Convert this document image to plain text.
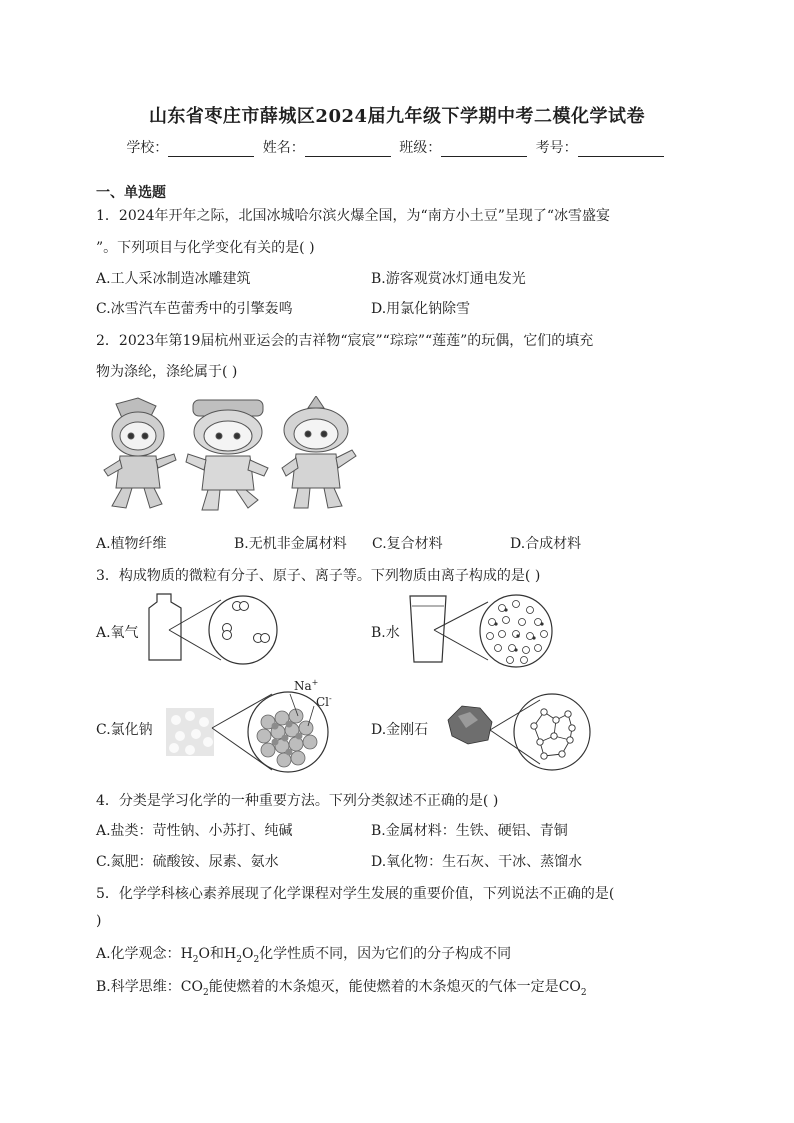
山东省枣庄市薛城区2024届九年级下学期中考二模化学试卷
学校：	姓名：	班级：	考号：
一、单选题
1．2024年开年之际，北国冰城哈尔滨火爆全国，为“南方小土豆”呈现了“冰雪盛宴
”。下列项目与化学变化有关的是( )
A.工人采冰制造冰雕建筑	B.游客观赏冰灯通电发光
C.冰雪汽车芭蕾秀中的引擎轰鸣	D.用氯化钠除雪
2．2023年第19届杭州亚运会的吉祥物“宸宸”“琮琮”“莲莲”的玩偶，它们的填充
物为涤纶，涤纶属于( )
A.植物纤维	B.无机非金属材料 C.复合材料	D.合成材料
3．构成物质的微粒有分子、原子、离子等。下列物质由离子构成的是( )
A.氧气	B.水
C.氯化钠
Na+
Cl-
D.金刚石
4．分类是学习化学的一种重要方法。下列分类叙述不正确的是( )
A.盐类：苛性钠、小苏打、纯碱	B.金属材料：生铁、硬铝、青铜
C.氮肥：硫酸铵、尿素、氨水	D.氧化物：生石灰、干冰、蒸馏水
5．化学学科核心素养展现了化学课程对学生发展的重要价值，下列说法不正确的是(
)
A.化学观念：$H_2O$和$H_2O_2$化学性质不同，因为它们的分子构成不同
B.科学思维：$CO_2$能使燃着的木条熄灭，能使燃着的木条熄灭的气体一定是$CO_2$
